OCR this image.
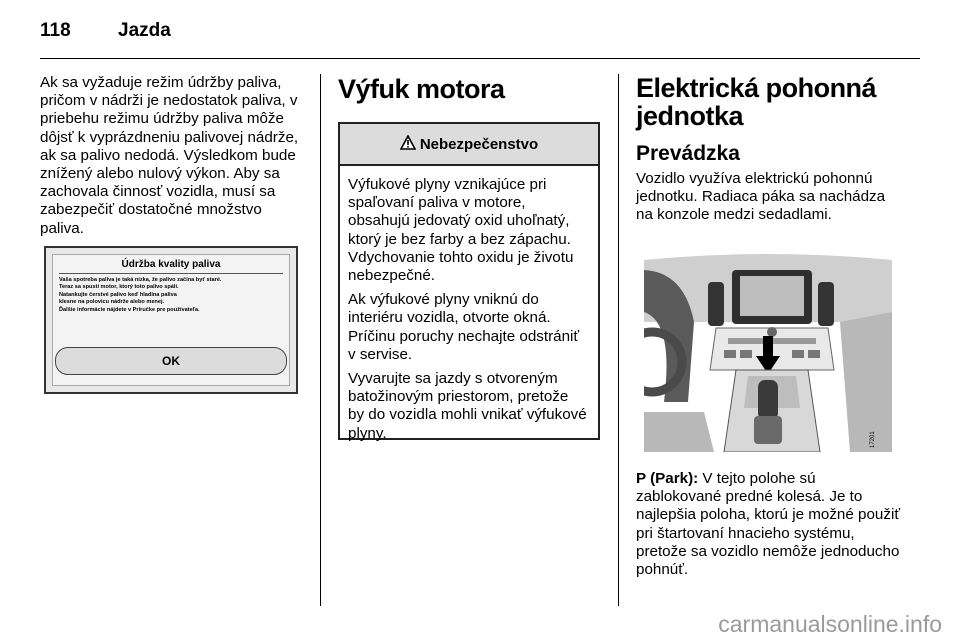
118 Jazda

Ak sa vyžaduje režim údržby paliva, pričom v nádrži je nedostatok paliva, v priebehu režimu údržby paliva môže dôjsť k vyprázdneniu palivovej nádrže, ak sa palivo nedodá. Výsledkom bude znížený alebo nulový výkon. Aby sa zachovala činnosť vozidla, musí sa zabezpečiť dostatočné množstvo paliva.

Údržba kvality paliva
Vaša spotreba paliva je taká nízka, že palivo začína byť staré.
Teraz sa spustí motor, ktorý toto palivo spáli.
Natankujte čerstvé palivo keď hladina paliva
klesne na polovicu nádrže alebo menej.
Ďalšie informácie nájdete v Príručke pre používateľa.
OK
Výfuk motora
Nebezpečenstvo

Výfukové plyny vznikajúce pri spaľovaní paliva v motore, obsahujú jedovatý oxid uhoľnatý, ktorý je bez farby a bez zápachu. Vdychovanie tohto oxidu je životu nebezpečné.

Ak výfukové plyny vniknú do interiéru vozidla, otvorte okná. Príčinu poruchy nechajte odstrániť v servise.

Vyvarujte sa jazdy s otvoreným batožinovým priestorom, pretože by do vozidla mohli vnikať výfukové plyny.

Elektrická pohonná jednotka
Prevádzka

Vozidlo využíva elektrickú pohonnú jednotku. Radiaca páka sa nachádza na konzole medzi sedadlami.

17201

P (Park): V tejto polohe sú zablokované predné kolesá. Je to najlepšia poloha, ktorú je možné použiť pri štartovaní hnacieho systému, pretože sa vozidlo nemôže jednoducho pohnúť.

carmanualsonline.info
